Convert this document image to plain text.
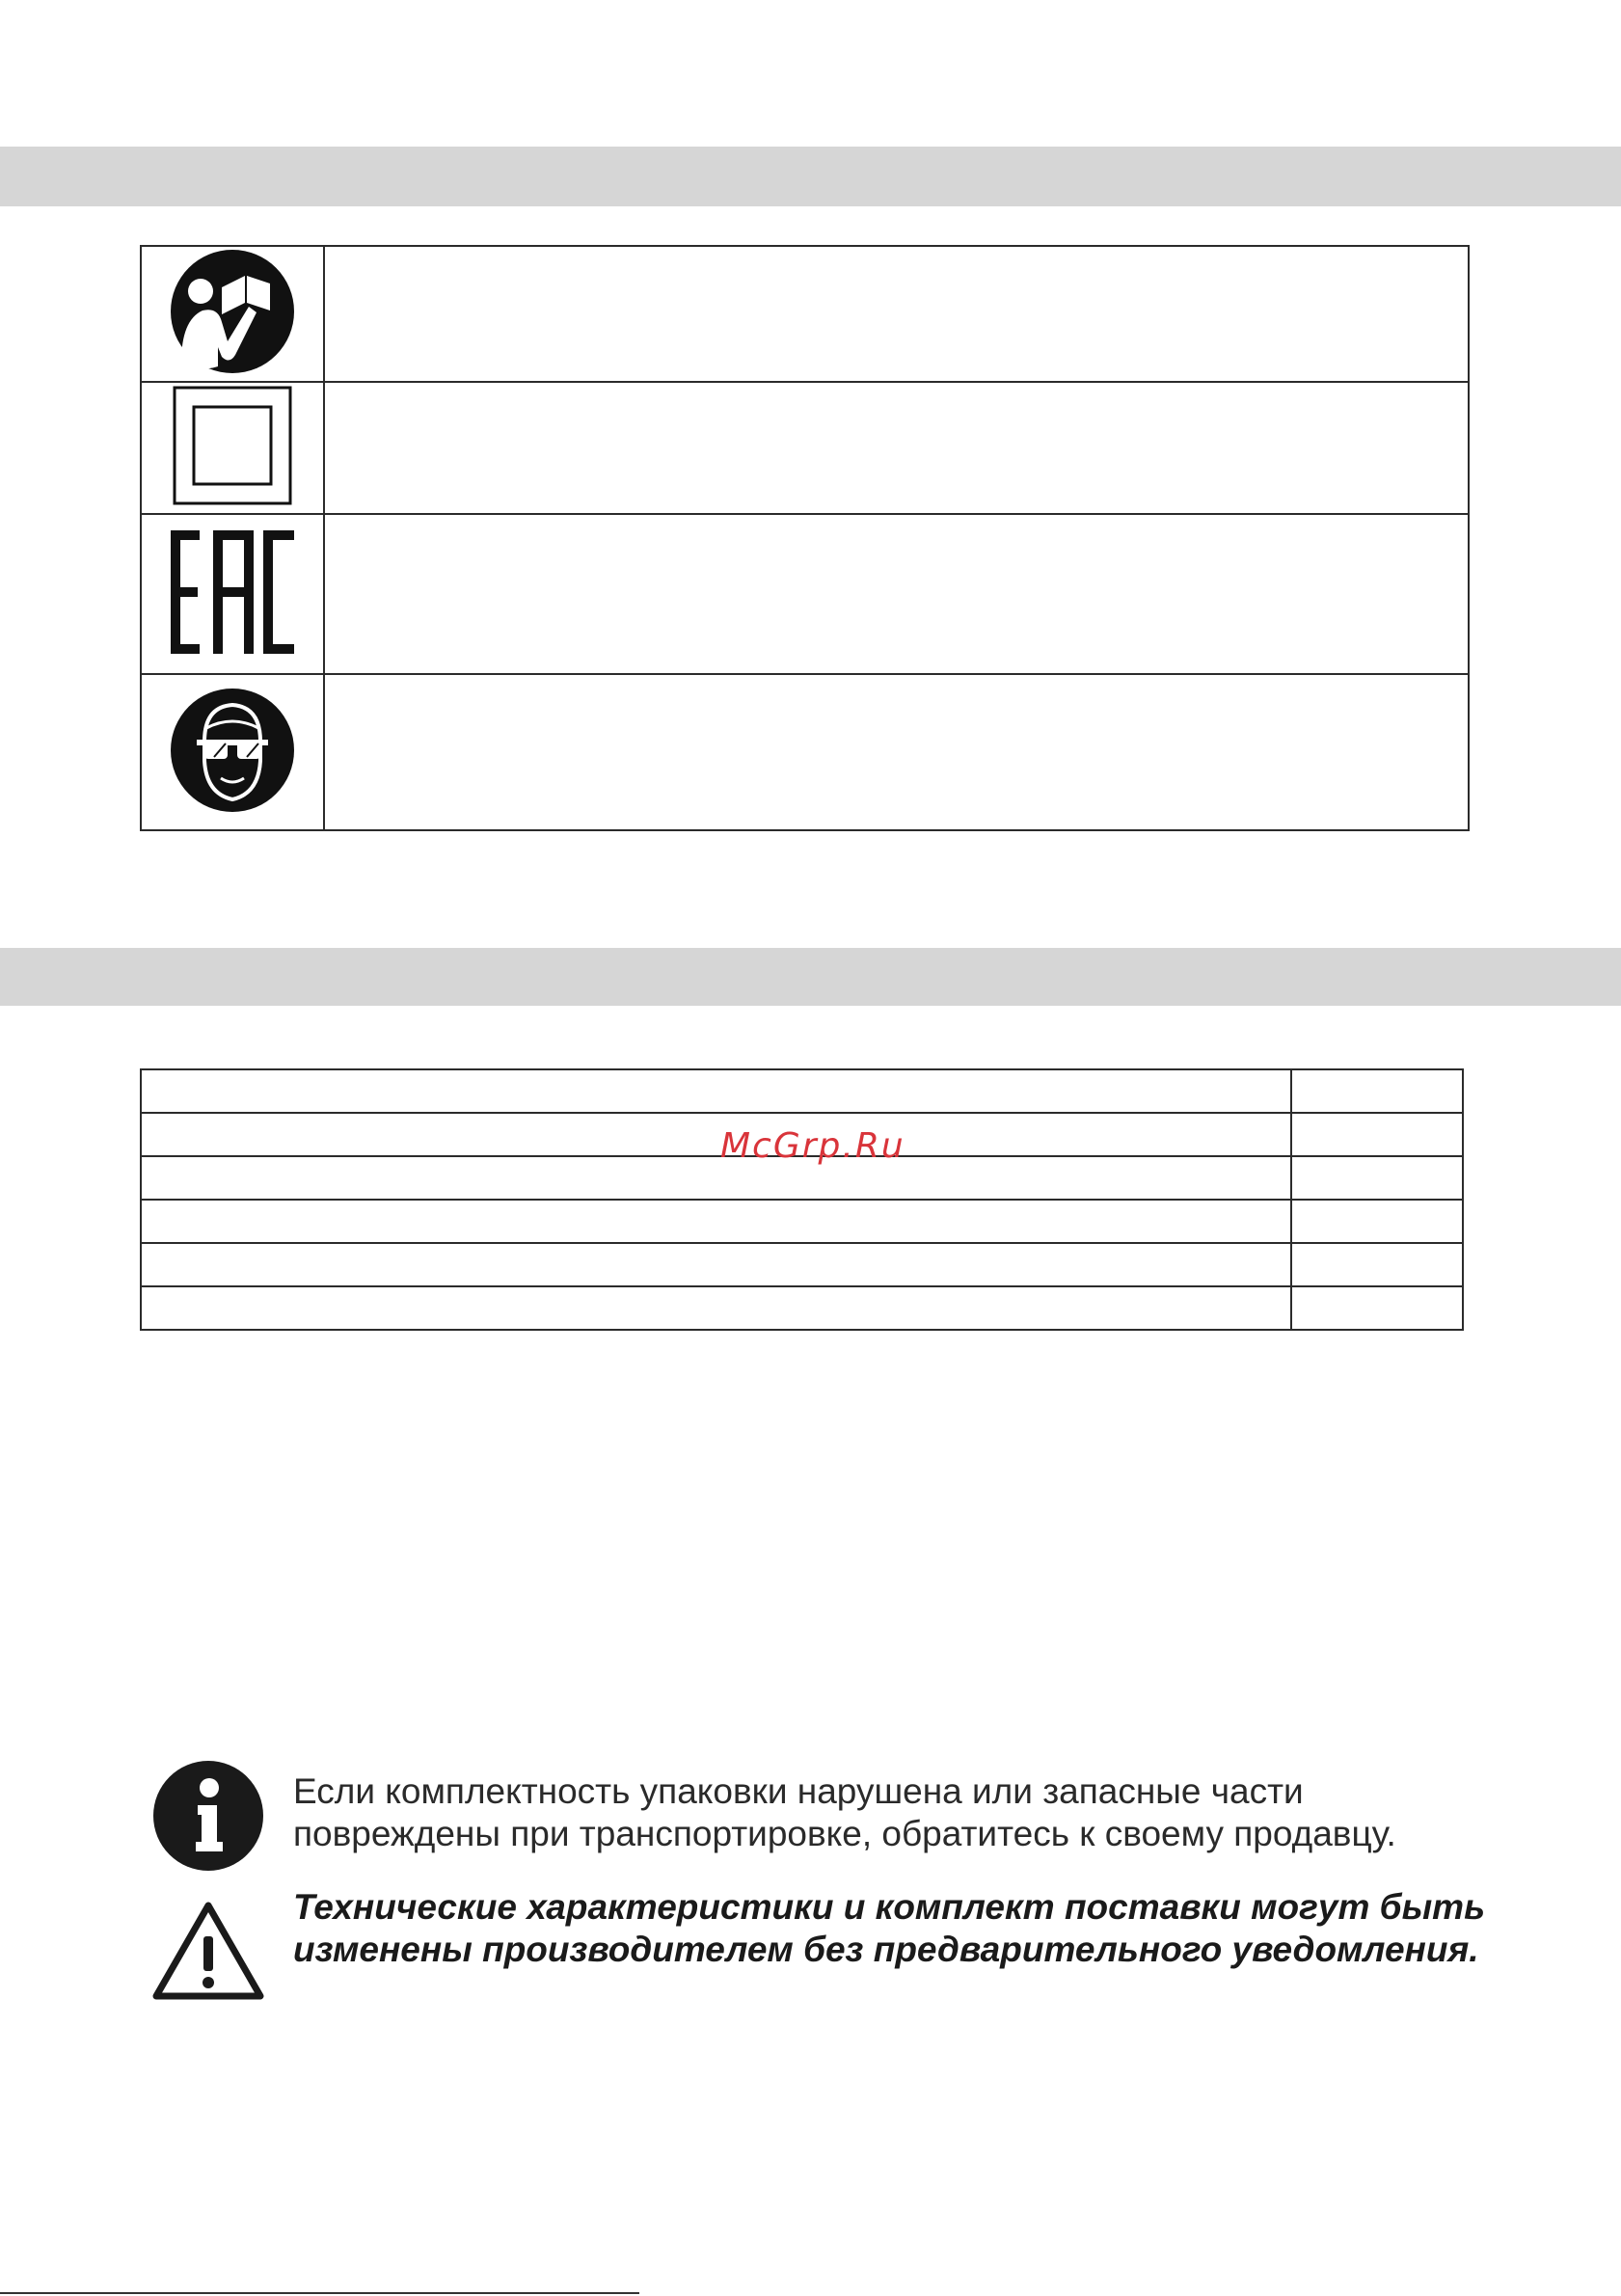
McGrp.Ru
Если комплектность упаковки нарушена или запасные части повреждены при транспортировке, обратитесь к своему продавцу.
Технические характеристики и комплект поставки могут быть изменены производителем без предварительного уведомления.
